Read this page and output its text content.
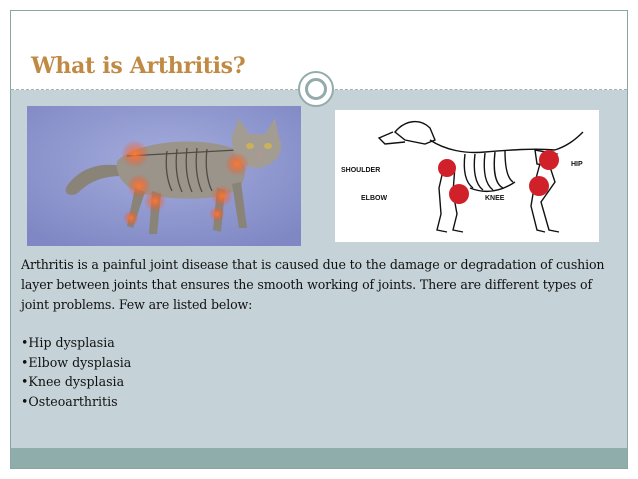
What is Arthritis?
SHOULDER
ELBOW	KNEE
HIP

Arthritis is a painful joint disease that is caused due to the damage or degradation of cushion layer between joints that ensures the smooth working of joints. There are different types of joint problems. Few are listed below:

•Hip dysplasia
•Elbow dysplasia
•Knee dysplasia
•Osteoarthritis
